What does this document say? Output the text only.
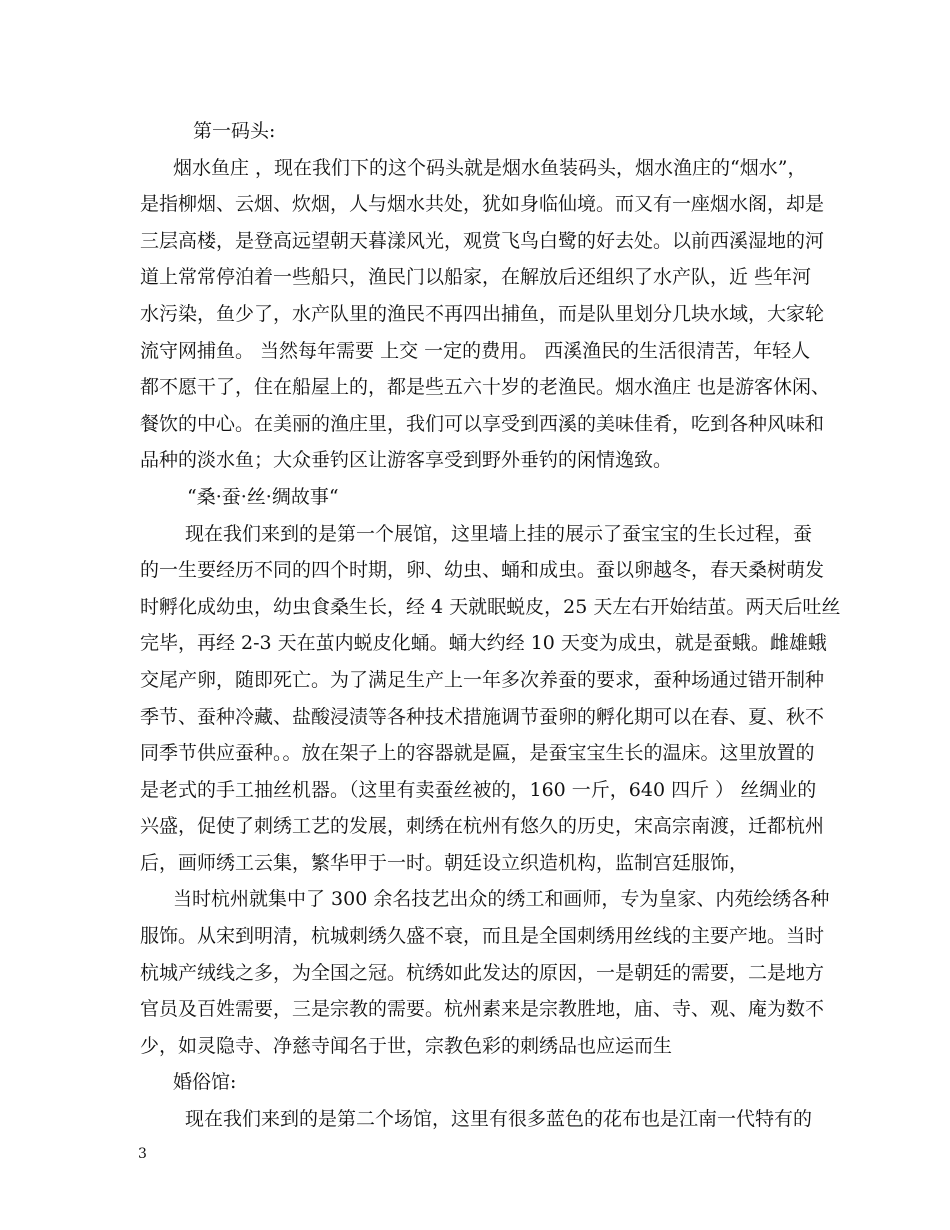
第一码头:
烟水鱼庄 ，现在我们下的这个码头就是烟水鱼装码头，烟水渔庄的“烟水”，
是指柳烟、云烟、炊烟，人与烟水共处，犹如身临仙境。而又有一座烟水阁，却是
三层高楼，是登高远望朝天暮漾风光，观赏飞鸟白鹭的好去处。以前西溪湿地的河
道上常常停泊着一些船只，渔民门以船家，在解放后还组织了水产队，近 些年河
水污染，鱼少了，水产队里的渔民不再四出捕鱼，而是队里划分几块水域，大家轮
流守网捕鱼。 当然每年需要 上交 一定的费用。 西溪渔民的生活很清苦，年轻人
都不愿干了，住在船屋上的，都是些五六十岁的老渔民。烟水渔庄 也是游客休闲、
餐饮的中心。在美丽的渔庄里，我们可以享受到西溪的美味佳肴，吃到各种风味和
品种的淡水鱼；大众垂钓区让游客享受到野外垂钓的闲情逸致。
“桑·蚕·丝·绸故事“
现在我们来到的是第一个展馆，这里墙上挂的展示了蚕宝宝的生长过程，蚕
的一生要经历不同的四个时期，卵、幼虫、蛹和成虫。蚕以卵越冬，春天桑树萌发
时孵化成幼虫，幼虫食桑生长，经 4 天就眠蜕皮，25 天左右开始结茧。两天后吐丝
完毕，再经 2-3 天在茧内蜕皮化蛹。蛹大约经 10 天变为成虫，就是蚕蛾。雌雄蛾
交尾产卵，随即死亡。为了满足生产上一年多次养蚕的要求，蚕种场通过错开制种
季节、蚕种冷藏、盐酸浸渍等各种技术措施调节蚕卵的孵化期可以在春、夏、秋不
同季节供应蚕种。。放在架子上的容器就是匾，是蚕宝宝生长的温床。这里放置的
是老式的手工抽丝机器。（这里有卖蚕丝被的，160 一斤，640 四斤 ） 丝绸业的
兴盛，促使了刺绣工艺的发展，刺绣在杭州有悠久的历史，宋高宗南渡，迁都杭州
后，画师绣工云集，繁华甲于一时。朝廷设立织造机构，监制宫廷服饰，
当时杭州就集中了 300 余名技艺出众的绣工和画师，专为皇家、内苑绘绣各种
服饰。从宋到明清，杭城刺绣久盛不衰，而且是全国刺绣用丝线的主要产地。当时
杭城产绒线之多，为全国之冠。杭绣如此发达的原因，一是朝廷的需要，二是地方
官员及百姓需要，三是宗教的需要。杭州素来是宗教胜地，庙、寺、观、庵为数不
少，如灵隐寺、净慈寺闻名于世，宗教色彩的刺绣品也应运而生
婚俗馆:
现在我们来到的是第二个场馆，这里有很多蓝色的花布也是江南一代特有的
3
